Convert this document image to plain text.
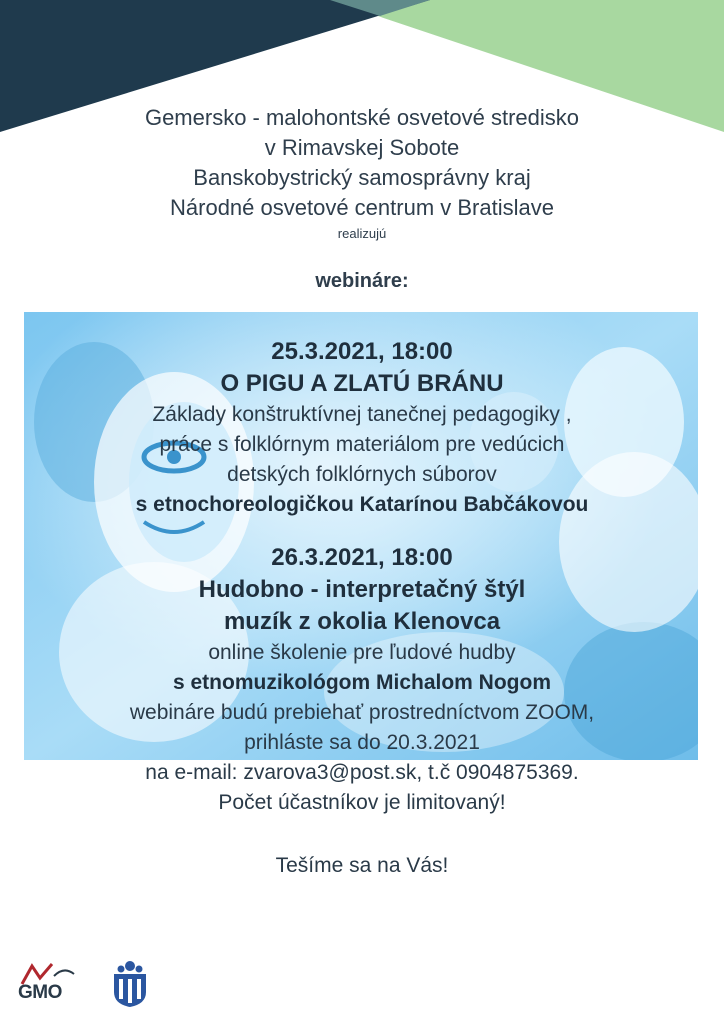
Gemersko - malohontské osvetové stredisko
v Rimavskej Sobote
Banskobystrický samosprávny kraj
Národné osvetové centrum v Bratislave
realizujú
webináre:
25.3.2021, 18:00
O PIGU A ZLATÚ BRÁNU
Základy konštruktívnej tanečnej pedagogiky ,
práce s folklórnym materiálom pre vedúcich
detských folklórnych súborov
s etnochoreologičkou Katarínou Babčákovou
26.3.2021, 18:00
Hudobno - interpretačný štýl
muzík z okolia Klenovca
online školenie pre ľudové hudby
s etnomuzikológom Michalom Nogom
webináre budú prebiehať prostredníctvom ZOOM,
prihláste sa do 20.3.2021
na e-mail: zvarova3@post.sk, t.č 0904875369.
Počet účastníkov je limitovaný!
Tešíme sa na Vás!
GMO
